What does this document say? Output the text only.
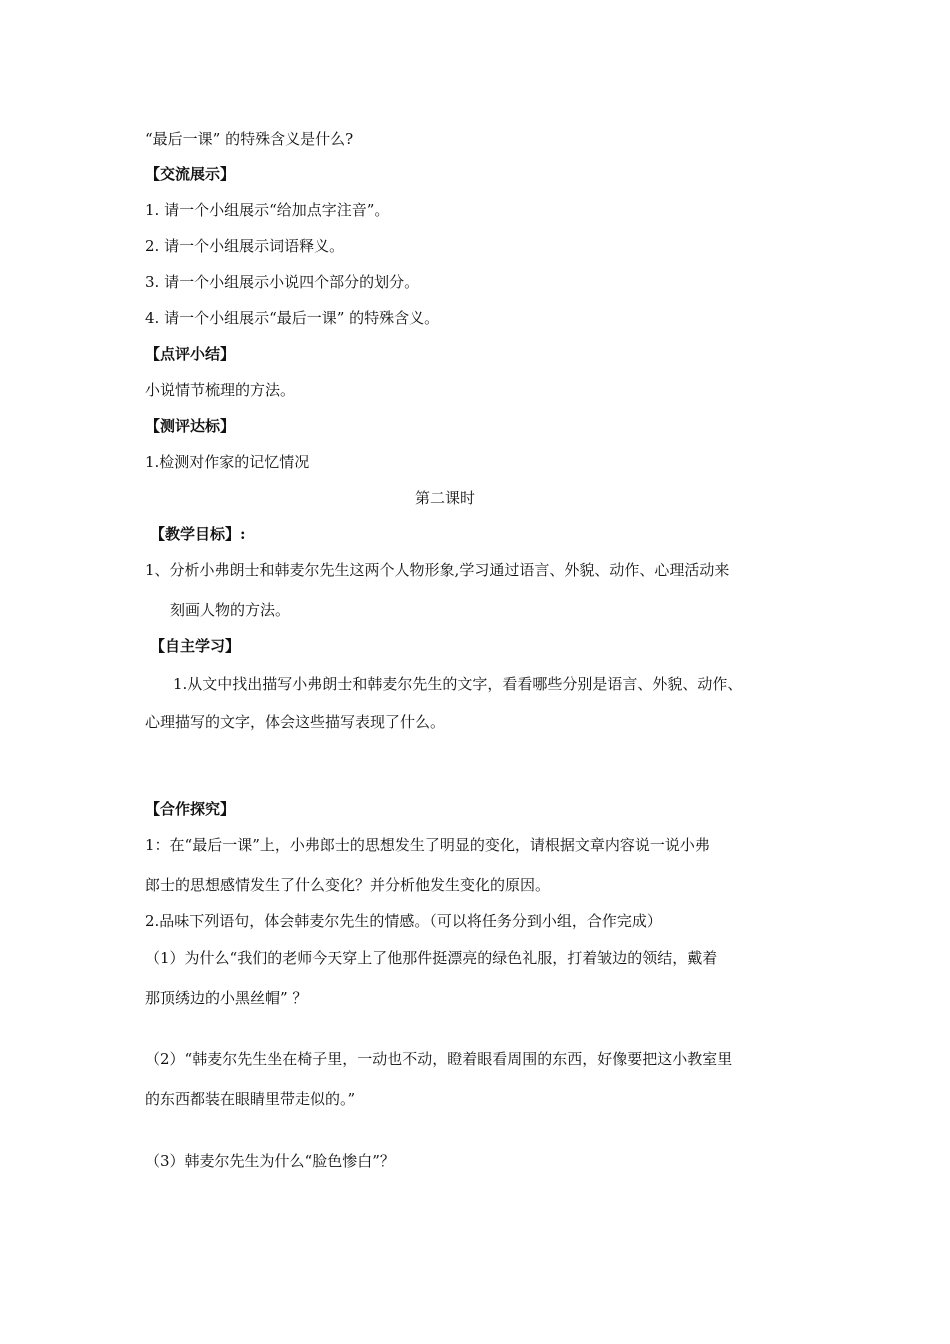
“最后一课” 的特殊含义是什么?
【交流展示】
1. 请一个小组展示“给加点字注音”。
2. 请一个小组展示词语释义。
3. 请一个小组展示小说四个部分的划分。
4. 请一个小组展示“最后一课” 的特殊含义。
【点评小结】
小说情节梳理的方法。
【测评达标】
1.检测对作家的记忆情况
第二课时
【教学目标】:
1、分析小弗朗士和韩麦尔先生这两个人物形象,学习通过语言、外貌、动作、心理活动来
刻画人物的方法。
【自主学习】
1.从文中找出描写小弗朗士和韩麦尔先生的文字，看看哪些分别是语言、外貌、动作、
心理描写的文字，体会这些描写表现了什么。
【合作探究】
1：在“最后一课”上，小弗郎士的思想发生了明显的变化，请根据文章内容说一说小弗
郎士的思想感情发生了什么变化？并分析他发生变化的原因。
2.品味下列语句，体会韩麦尔先生的情感。（可以将任务分到小组，合作完成）
（1）为什么“我们的老师今天穿上了他那件挺漂亮的绿色礼服，打着皱边的领结，戴着
那顶绣边的小黑丝帽” ？
（2）“韩麦尔先生坐在椅子里，一动也不动，瞪着眼看周围的东西，好像要把这小教室里
的东西都装在眼睛里带走似的。”
（3）韩麦尔先生为什么“脸色惨白”？
